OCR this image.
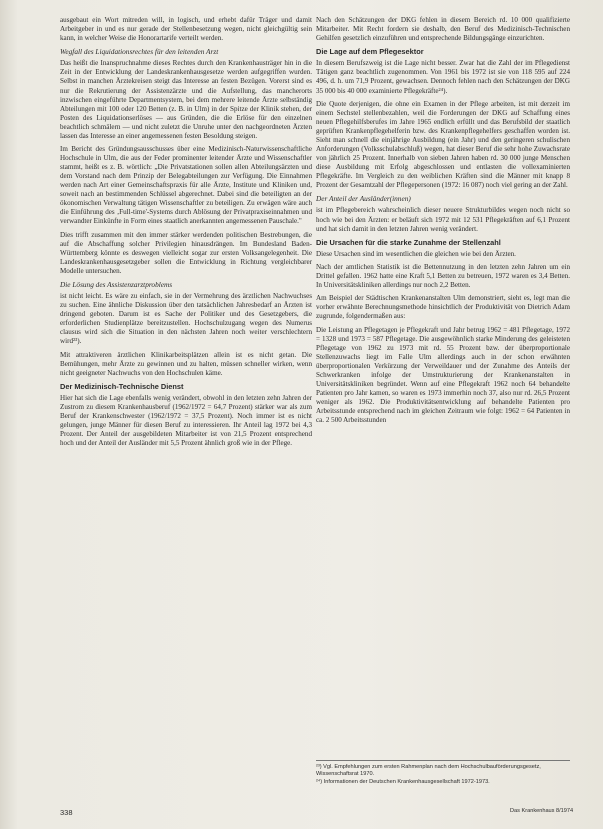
ausgebaut ein Wort mitreden will, in logisch, und erhebt dafür Träger und damit Arbeitgeber in und es nur gerade der Stellenbesetzung wegen, nicht gleichgültig sein kann, in welcher Weise die Honorartarife verteilt werden.

Wegfall des Liquidationsrechtes für den leitenden Arzt

Das heißt die Inanspruchnahme dieses Rechtes durch den Krankenhausträger hin in die Zeit in der Entwicklung der Landeskrankenhausgesetze werden aufgegriffen wurden. Selbst in manchen Ärztekreisen steigt das Interesse an festen Bezügen. Vorerst sind es nur die Rekrutierung der Assistenzärzte und die Aufstellung, das mancherorts inzwischen eingeführte Departmentsystem, bei dem mehrere leitende Ärzte selbständig Abteilungen mit 100 oder 120 Betten (z. B. in Ulm) in der Spitze der Klinik stehen, der Posten des Liquidationserlöses — aus Gründen, die die Erlöse für den einzelnen beachtlich schmälern — und nicht zuletzt die Unruhe unter den nachgeordneten Ärzten lassen das Interesse an einer angemessenen festen Besoldung steigen.

Im Bericht des Gründungsausschusses über eine Medizinisch-Naturwissenschaftliche Hochschule in Ulm, die aus der Feder prominenter leitender Ärzte und Wissenschaftler stammt, heißt es z. B. wörtlich: „Die Privatstationen sollen allen Abteilungsärzten und dem Vorstand nach dem Prinzip der Belegabteilungen zur Verfügung. Die Einnahmen werden nach Art einer Gemeinschaftspraxis für alle Ärzte, Institute und Kliniken und, soweit nach an bestimmenden Schlüssel abgerechnet. Dabei sind die beteiligten an der ökonomischen Verwaltung tätigen Wissenschaftler zu beteiligen. Zu erwägen wäre auch die Einführung des ‚Full-time'-Systems durch Ablösung der Privatpraxiseinnahmen und verwandter Einkünfte in Form eines staatlich anerkannten angemessenen Pauschale."

Dies trifft zusammen mit den immer stärker werdenden politischen Bestrebungen, die auf die Abschaffung solcher Privilegien hinausdrängen. Im Bundesland Baden-Württemberg könnte es deswegen vielleicht sogar zur ersten Volksangelegenheit. Die Landeskrankenhausgesetzgeber sollen die Entwicklung in Richtung vergleichbarer Modelle untersuchen.

Die Lösung des Assistenzarztproblems

ist nicht leicht. Es wäre zu einfach, sie in der Vermehrung des ärztlichen Nachwuchses zu suchen. Eine ähnliche Diskussion über den tatsächlichen Jahresbedarf an Ärzten ist dringend geboten. Darum ist es Sache der Politiker und des Gesetzgebers, die erforderlichen Studienplätze bereitzustellen. Hochschulzugang wegen des Numerus clausus wird sich die Situation in den nächsten Jahren noch weiter verschlechtern wird²³).

Mit attraktiveren ärztlichen Klinikarbeitsplätzen allein ist es nicht getan. Die Bemühungen, mehr Ärzte zu gewinnen und zu halten, müssen schneller wirken, wenn nicht geeigneter Nachwuchs von den Hochschulen käme.

Der Medizinisch-Technische Dienst

Hier hat sich die Lage ebenfalls wenig verändert, obwohl in den letzten zehn Jahren der Zustrom zu diesem Krankenhausberuf (1962/1972 = 64,7 Prozent) stärker war als zum Beruf der Krankenschwester (1962/1972 = 37,5 Prozent). Noch immer ist es nicht gelungen, junge Männer für diesen Beruf zu interessieren. Ihr Anteil lag 1972 bei 4,3 Prozent. Der Anteil der ausgebildeten Mitarbeiter ist von 21,5 Prozent entsprechend hoch und der Anteil der Ausländer mit 5,5 Prozent ähnlich groß wie in der Pflege.

Nach den Schätzungen der DKG fehlen in diesem Bereich rd. 10 000 qualifizierte Mitarbeiter. Mit Recht fordern sie deshalb, den Beruf des Medizinisch-Technischen Gehilfen gesetzlich einzuführen und entsprechende Bildungsgänge einzurichten.

Die Lage auf dem Pflegesektor

In diesem Berufszweig ist die Lage nicht besser. Zwar hat die Zahl der im Pflegedienst Tätigen ganz beachtlich zugenommen. Von 1961 bis 1972 ist sie von 118 595 auf 224 496, d. h. um 71,9 Prozent, gewachsen. Dennoch fehlen nach den Schätzungen der DKG 35 000 bis 40 000 examinierte Pflegekräfte²⁴).

Die Quote derjenigen, die ohne ein Examen in der Pflege arbeiten, ist mit derzeit im einem Sechstel stellenbezahlen, weil die Forderungen der DKG auf Schaffung eines neuen Pflegehilfsberufes im Jahre 1965 endlich erfüllt und das Berufsbild der staatlich geprüften Krankenpflegehelferin bzw. des Krankenpflegehelfers geschaffen worden ist. Sieht man schnell die einjährige Ausbildung (ein Jahr) und den geringeren schulischen Anforderungen (Volksschulabschluß) wegen, hat dieser Beruf die sehr hohe Zuwachsrate von jährlich 25 Prozent. Innerhalb von sieben Jahren haben rd. 30 000 junge Menschen diese Ausbildung mit Erfolg abgeschlossen und entlasten die vollexaminierten Pflegekräfte. Im Vergleich zu den weiblichen Kräften sind die Männer mit knapp 8 Prozent der Gesamtzahl der Pflegepersonen (1972: 16 087) noch viel gering an der Zahl.

Der Anteil der Ausländer(innen)

ist im Pflegebereich wahrscheinlich dieser neuere Strukturbildes wegen noch nicht so hoch wie bei den Ärzten: er beläuft sich 1972 mit 12 531 Pflegekräften auf 6,1 Prozent und hat sich damit in den letzten Jahren wenig verändert.

Die Ursachen für die starke Zunahme der Stellenzahl

Diese Ursachen sind im wesentlichen die gleichen wie bei den Ärzten.

Nach der amtlichen Statistik ist die Bettennutzung in den letzten zehn Jahren um ein Drittel gefallen. 1962 hatte eine Kraft 5,1 Betten zu betreuen, 1972 waren es 3,4 Betten. In Universitätskliniken allerdings nur noch 2,2 Betten.

Am Beispiel der Städtischen Krankenanstalten Ulm demonstriert, sieht es, legt man die vorher erwähnte Berechnungsmethode hinsichtlich der Produktivität von Dietrich Adam zugrunde, folgendermaßen aus:

Die Leistung an Pflegetagen je Pflegekraft und Jahr betrug 1962 = 481 Pflegetage, 1972 = 1328 und 1973 = 587 Pflegetage. Die ausgewöhnlich starke Minderung des geleisteten Pflegetage von 1962 zu 1973 mit rd. 55 Prozent bzw. der überproportionale Stellenzuwachs liegt im Falle Ulm allerdings auch in der schon erwähnten überproportionalen Verkürzung der Verweildauer und der Zunahme des Anteils der Schwerkranken infolge der Umstrukturierung der Krankenanstalten in Universitätskliniken begründet. Wenn auf eine Pflegekraft 1962 noch 64 behandelte Patienten pro Jahr kamen, so waren es 1973 immerhin noch 37, also nur rd. 26,5 Prozent weniger als 1962. Die Produktivitätsentwicklung auf behandelte Patienten pro Arbeitsstunde entsprechend nach im gleichen Zeitraum wie folgt: 1962 = 64 Patienten in ca. 2 500 Arbeitsstunden

²³) Vgl. Empfehlungen zum ersten Rahmenplan nach dem Hochschulbauförderungsgesetz, Wissenschaftsrat 1970.

²⁴) Informationen der Deutschen Krankenhausgesellschaft 1972-1973.

338	Das Krankenhaus 8/1974
